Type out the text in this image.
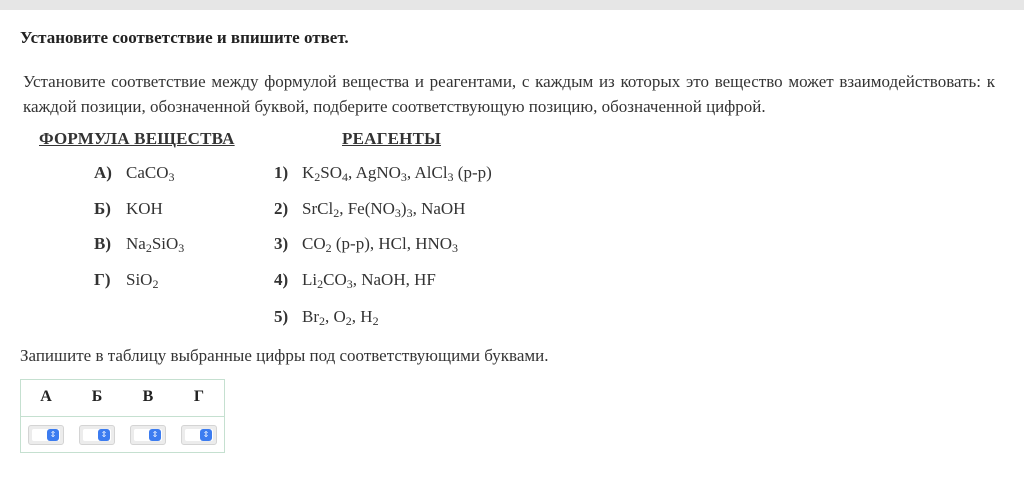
Установите соответствие и впишите ответ.
Установите соответствие между формулой вещества и реагентами, с каждым из которых это вещество может взаимодействовать: к каждой позиции, обозначенной буквой, подберите соответствующую позицию, обозначенной цифрой.
ФОРМУЛА ВЕЩЕСТВА	РЕАГЕНТЫ
А) CaCO$_3$
Б) KOH
В) $Na_2SiO_3$
Г) SiO$_2$
1) $K_2SO_4$, AgNO$_3$, AlCl$_3$ (р-р)
2) SrCl$_2$, $Fe(NO_3)_3$, NaOH
3) $CO_2$ (р-р), HCl, $HNO_3$
4) $Li_2CO_3$, NaOH, HF
5) $Br_2$, $O_2$, $H_2$
Запишите в таблицу выбранные цифры под соответствующими буквами.
А	Б	В	Г
⇕	⇕	⇕	⇕
